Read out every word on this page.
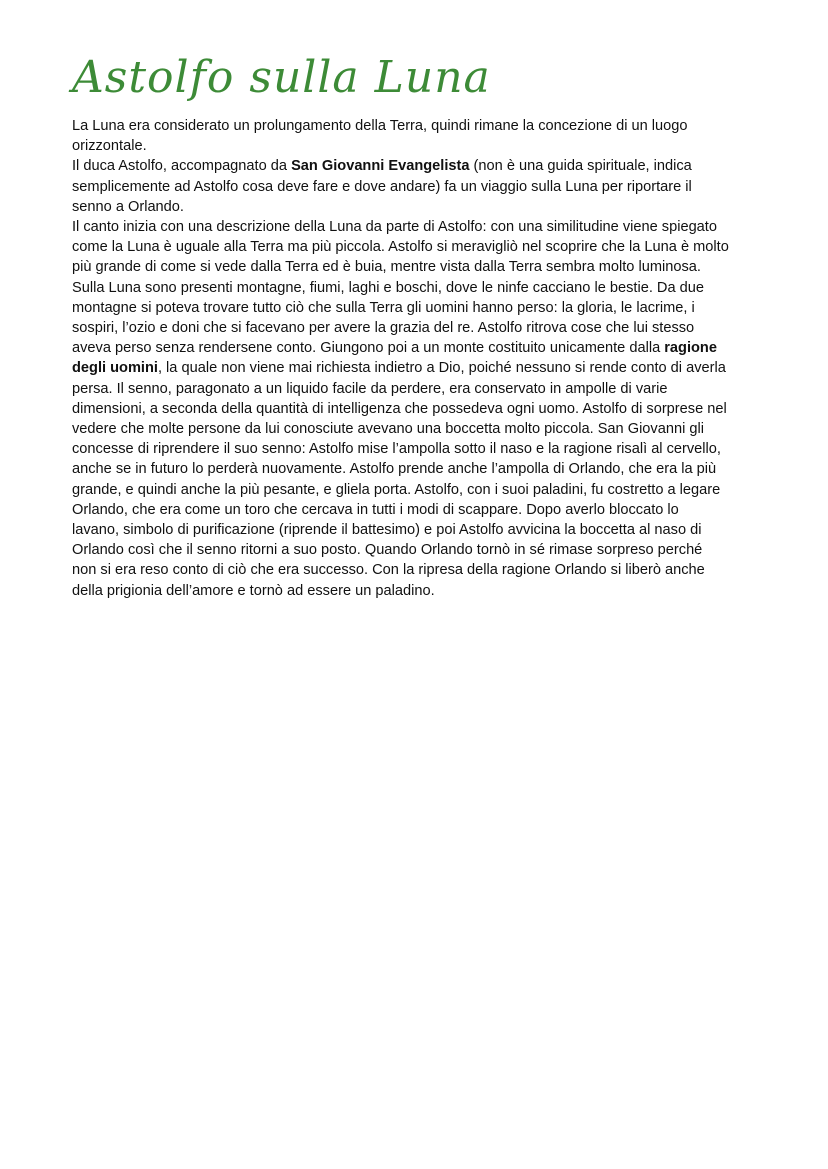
Astolfo sulla Luna
La Luna era considerato un prolungamento della Terra, quindi rimane la concezione di un luogo
orizzontale.
Il duca Astolfo, accompagnato da San Giovanni Evangelista (non è una guida spirituale, indica
semplicemente ad Astolfo cosa deve fare e dove andare) fa un viaggio sulla Luna per riportare il
senno a Orlando.
Il canto inizia con una descrizione della Luna da parte di Astolfo: con una similitudine viene spiegato
come la Luna è uguale alla Terra ma più piccola. Astolfo si meravigliò nel scoprire che la Luna è molto
più grande di come si vede dalla Terra ed è buia, mentre vista dalla Terra sembra molto luminosa.
Sulla Luna sono presenti montagne, fiumi, laghi e boschi, dove le ninfe cacciano le bestie. Da due
montagne si poteva trovare tutto ciò che sulla Terra gli uomini hanno perso: la gloria, le lacrime, i
sospiri, l’ozio e doni che si facevano per avere la grazia del re. Astolfo ritrova cose che lui stesso
aveva perso senza rendersene conto. Giungono poi a un monte costituito unicamente dalla ragione
degli uomini, la quale non viene mai richiesta indietro a Dio, poiché nessuno si rende conto di averla
persa. Il senno, paragonato a un liquido facile da perdere, era conservato in ampolle di varie
dimensioni, a seconda della quantità di intelligenza che possedeva ogni uomo. Astolfo di sorprese nel
vedere che molte persone da lui conosciute avevano una boccetta molto piccola. San Giovanni gli
concesse di riprendere il suo senno: Astolfo mise l’ampolla sotto il naso e la ragione risalì al cervello,
anche se in futuro lo perderà nuovamente. Astolfo prende anche l’ampolla di Orlando, che era la più
grande, e quindi anche la più pesante, e gliela porta. Astolfo, con i suoi paladini, fu costretto a legare
Orlando, che era come un toro che cercava in tutti i modi di scappare. Dopo averlo bloccato lo
lavano, simbolo di purificazione (riprende il battesimo) e poi Astolfo avvicina la boccetta al naso di
Orlando così che il senno ritorni a suo posto. Quando Orlando tornò in sé rimase sorpreso perché
non si era reso conto di ciò che era successo. Con la ripresa della ragione Orlando si liberò anche
della prigionia dell’amore e tornò ad essere un paladino.
